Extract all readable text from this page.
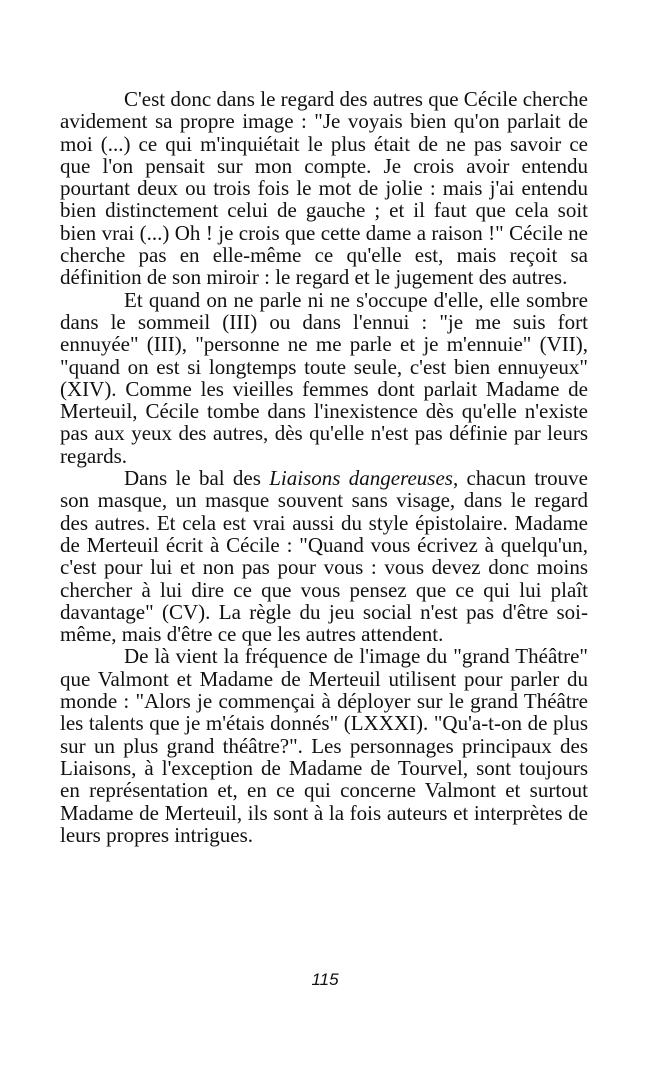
C'est donc dans le regard des autres que Cécile cherche avidement sa propre image : "Je voyais bien qu'on parlait de moi (...) ce qui m'inquiétait le plus était de ne pas savoir ce que l'on pensait sur mon compte. Je crois avoir entendu pourtant deux ou trois fois le mot de jolie : mais j'ai entendu bien distinctement celui de gauche ; et il faut que cela soit bien vrai (...) Oh ! je crois que cette dame a raison !" Cécile ne cherche pas en elle-même ce qu'elle est, mais reçoit sa définition de son miroir : le regard et le jugement des autres.

Et quand on ne parle ni ne s'occupe d'elle, elle sombre dans le sommeil (III) ou dans l'ennui : "je me suis fort ennuyée" (III), "personne ne me parle et je m'ennuie" (VII), "quand on est si longtemps toute seule, c'est bien ennuyeux" (XIV). Comme les vieilles femmes dont parlait Madame de Merteuil, Cécile tombe dans l'inexistence dès qu'elle n'existe pas aux yeux des autres, dès qu'elle n'est pas définie par leurs regards.

Dans le bal des Liaisons dangereuses, chacun trouve son masque, un masque souvent sans visage, dans le regard des autres. Et cela est vrai aussi du style épistolaire. Madame de Merteuil écrit à Cécile : "Quand vous écrivez à quelqu'un, c'est pour lui et non pas pour vous : vous devez donc moins chercher à lui dire ce que vous pensez que ce qui lui plaît davantage" (CV). La règle du jeu social n'est pas d'être soi-même, mais d'être ce que les autres attendent.

De là vient la fréquence de l'image du "grand Théâtre" que Valmont et Madame de Merteuil utilisent pour parler du monde : "Alors je commençai à déployer sur le grand Théâtre les talents que je m'étais donnés" (LXXXI). "Qu'a-t-on de plus sur un plus grand théâtre?". Les personnages principaux des Liaisons, à l'exception de Madame de Tourvel, sont toujours en représentation et, en ce qui concerne Valmont et surtout Madame de Merteuil, ils sont à la fois auteurs et interprètes de leurs propres intrigues.

115
